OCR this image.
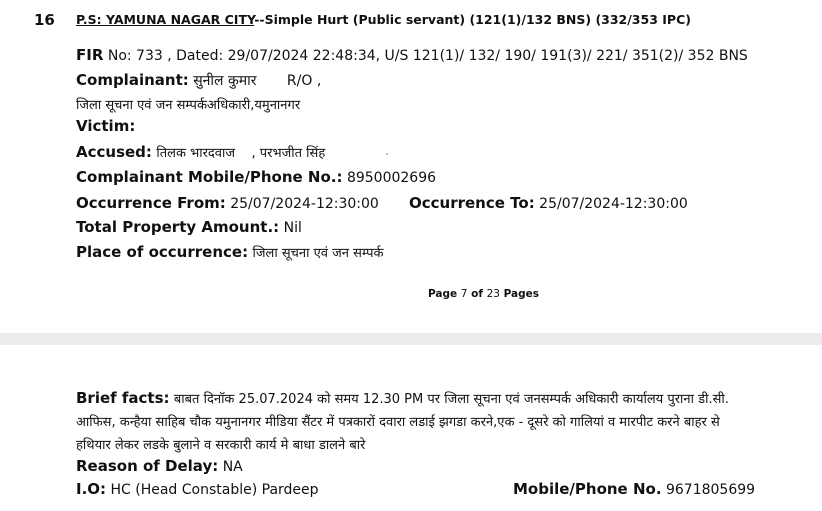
16 P.S: YAMUNA NAGAR CITY--Simple Hurt (Public servant) (121(1)/132 BNS) (332/353 IPC)
FIR No: 733 , Dated: 29/07/2024 22:48:34, U/S 121(1)/ 132/ 190/ 191(3)/ 221/ 351(2)/ 352 BNS
Complainant: सुनील कुमार R/O ,
जिला सूचना एवं जन सम्पर्कअधिकारी,यमुनानगर
Victim:
Accused: तिलक भारदवाज , परभजीत सिंह	·
Complainant Mobile/Phone No.: 8950002696
Occurrence From: 25/07/2024-12:30:00 Occurrence To: 25/07/2024-12:30:00
Total Property Amount.: Nil
Place of occurrence: जिला सूचना एवं जन सम्पर्क
Page 7 of 23 Pages
Brief facts: बाबत दिनॉक 25.07.2024 को समय 12.30 PM पर जिला सूचना एवं जनसम्पर्क अधिकारी कार्यालय पुराना डी.सी. आफिस, कन्हैया साहिब चौक यमुनानगर मीडिया सैंटर में पत्रकारों दवारा लडाई झगडा करने,एक - दूसरे को गालियां व मारपीट करने बाहर से हथियार लेकर लडके बुलाने व सरकारी कार्य मे बाधा डालने बारे
Reason of Delay: NA
I.O: HC (Head Constable) Pardeep	Mobile/Phone No. 9671805699
